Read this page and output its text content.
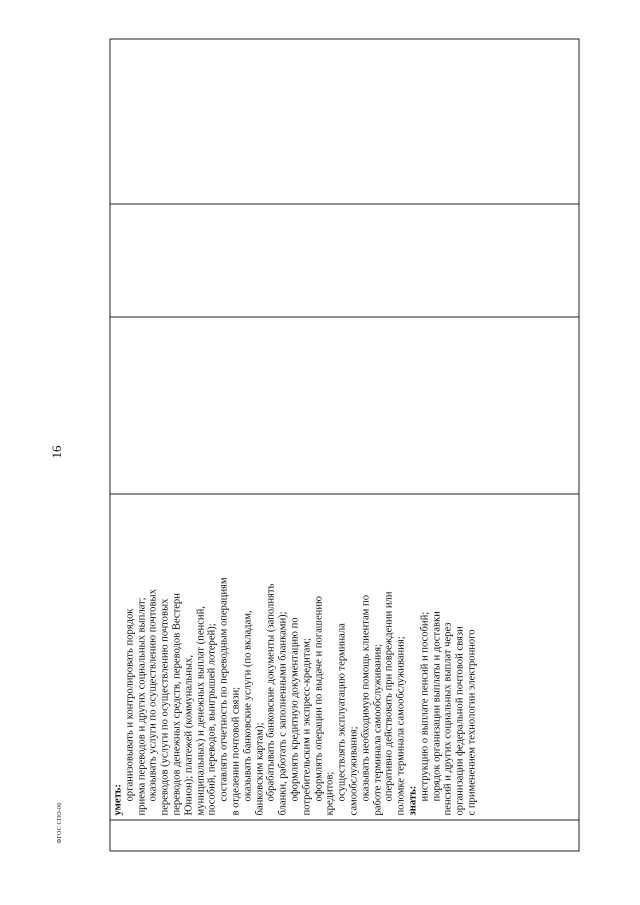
16

уметь: организовывать и контролировать порядок приема переводов и других социальных выплат; оказывать услуги по осуществлению почтовых переводов (услуги по осуществлению почтовых переводов денежных средств, переводов Вестерн Юнион); платежей (коммунальных, муниципальных) и денежных выплат (пенсий, пособий, переводов, выигрышей лотерей); составлять отчетность по переводным операциям в отделении почтовой связи; оказывать банковские услуги (по вкладам, банковским картам); обрабатывать банковские документы (заполнять бланки, работать с заполненными бланками); оформлять кредитную документацию по потребительским и экспресс-кредитам; оформлять операции по выдаче и погашению кредитов; осуществлять эксплуатацию терминала самообслуживания; оказывать необходимую помощь клиентам по работе терминала самообслуживания; оперативно действовать при повреждении или поломке терминала самообслуживания; знать: инструкцию о выплате пенсий и пособий; порядок организации выплаты и доставки пенсий и других социальных выплат через организации федеральной почтовой связи с применением технологии электронного

ФГОС СПО-06
